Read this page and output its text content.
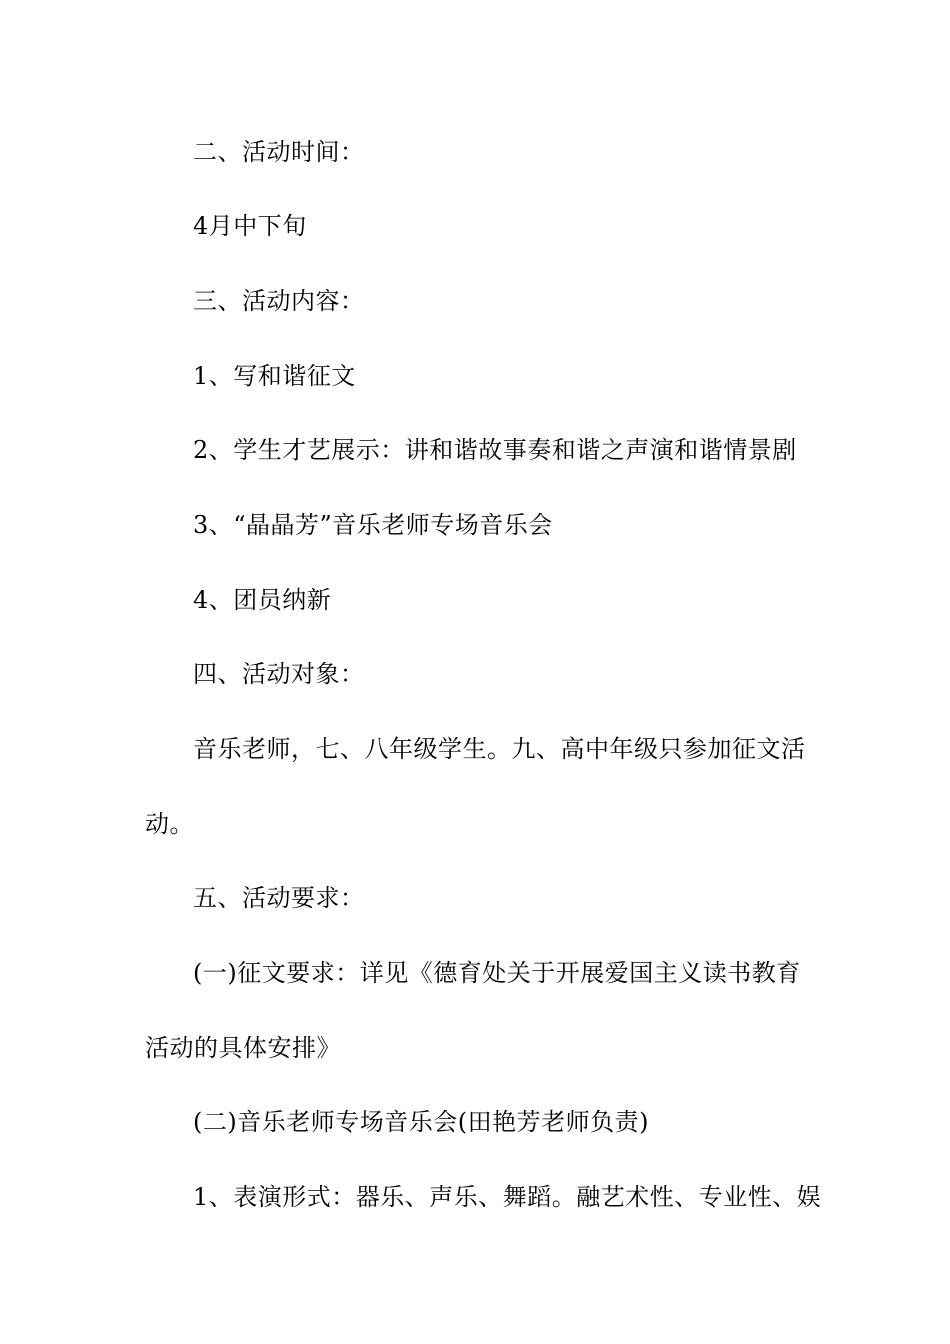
二、活动时间：
4月中下旬
三、活动内容：
1、写和谐征文
2、学生才艺展示：讲和谐故事奏和谐之声演和谐情景剧
3、“晶晶芳”音乐老师专场音乐会
4、团员纳新
四、活动对象：
音乐老师，七、八年级学生。九、高中年级只参加征文活
动。
五、活动要求：
(一)征文要求：详见《德育处关于开展爱国主义读书教育
活动的具体安排》
(二)音乐老师专场音乐会(田艳芳老师负责)
1、表演形式：器乐、声乐、舞蹈。融艺术性、专业性、娱
